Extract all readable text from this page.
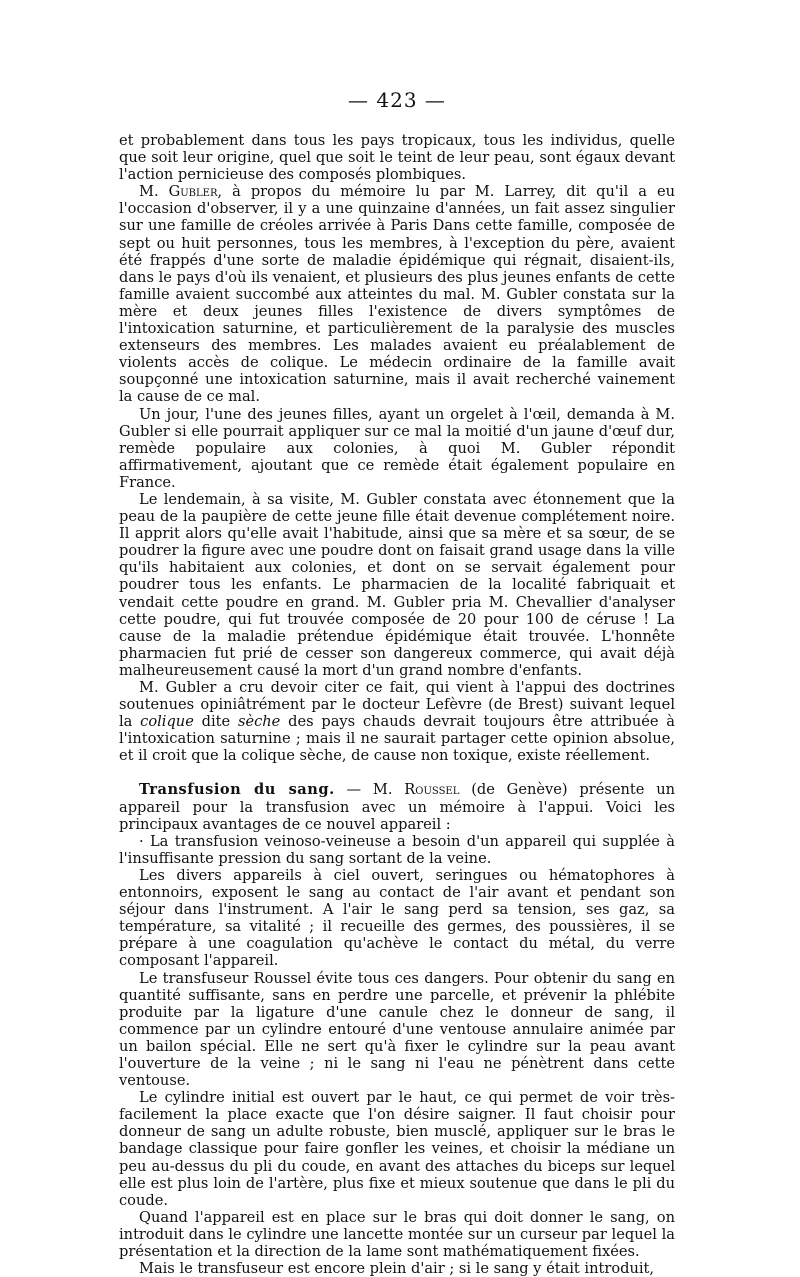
— 423 —

et probablement dans tous les pays tropicaux, tous les individus, quelle que soit leur origine, quel que soit le teint de leur peau, sont égaux devant l'action pernicieuse des composés plombiques.

M. Gubler, à propos du mémoire lu par M. Larrey, dit qu'il a eu l'occasion d'observer, il y a une quinzaine d'années, un fait assez singulier sur une famille de créoles arrivée à Paris Dans cette famille, composée de sept ou huit personnes, tous les membres, à l'exception du père, avaient été frappés d'une sorte de maladie épidémique qui régnait, disaient-ils, dans le pays d'où ils venaient, et plusieurs des plus jeunes enfants de cette famille avaient succombé aux atteintes du mal. M. Gubler constata sur la mère et deux jeunes filles l'existence de divers symptômes de l'intoxication saturnine, et particulièrement de la paralysie des muscles extenseurs des membres. Les malades avaient eu préalablement de violents accès de colique. Le médecin ordinaire de la famille avait soupçonné une intoxication saturnine, mais il avait recherché vainement la cause de ce mal.

Un jour, l'une des jeunes filles, ayant un orgelet à l'œil, demanda à M. Gubler si elle pourrait appliquer sur ce mal la moitié d'un jaune d'œuf dur, remède populaire aux colonies, à quoi M. Gubler répondit affirmativement, ajoutant que ce remède était également populaire en France.

Le lendemain, à sa visite, M. Gubler constata avec étonnement que la peau de la paupière de cette jeune fille était devenue complétement noire. Il apprit alors qu'elle avait l'habitude, ainsi que sa mère et sa sœur, de se poudrer la figure avec une poudre dont on faisait grand usage dans la ville qu'ils habitaient aux colonies, et dont on se servait également pour poudrer tous les enfants. Le pharmacien de la localité fabriquait et vendait cette poudre en grand. M. Gubler pria M. Chevallier d'analyser cette poudre, qui fut trouvée composée de 20 pour 100 de céruse ! La cause de la maladie prétendue épidémique était trouvée. L'honnête pharmacien fut prié de cesser son dangereux commerce, qui avait déjà malheureusement causé la mort d'un grand nombre d'enfants.

M. Gubler a cru devoir citer ce fait, qui vient à l'appui des doctrines soutenues opiniâtrément par le docteur Lefèvre (de Brest) suivant lequel la colique dite sèche des pays chauds devrait toujours être attribuée à l'intoxication saturnine ; mais il ne saurait partager cette opinion absolue, et il croit que la colique sèche, de cause non toxique, existe réellement.

Transfusion du sang. — M. Roussel (de Genève) présente un appareil pour la transfusion avec un mémoire à l'appui. Voici les principaux avantages de ce nouvel appareil :

· La transfusion veinoso-veineuse a besoin d'un appareil qui supplée à l'insuffisante pression du sang sortant de la veine.

Les divers appareils à ciel ouvert, seringues ou hématophores à entonnoirs, exposent le sang au contact de l'air avant et pendant son séjour dans l'instrument. A l'air le sang perd sa tension, ses gaz, sa température, sa vitalité ; il recueille des germes, des poussières, il se prépare à une coagulation qu'achève le contact du métal, du verre composant l'appareil.

Le transfuseur Roussel évite tous ces dangers. Pour obtenir du sang en quantité suffisante, sans en perdre une parcelle, et prévenir la phlébite produite par la ligature d'une canule chez le donneur de sang, il commence par un cylindre entouré d'une ventouse annulaire animée par un bailon spécial. Elle ne sert qu'à fixer le cylindre sur la peau avant l'ouverture de la veine ; ni le sang ni l'eau ne pénètrent dans cette ventouse.

Le cylindre initial est ouvert par le haut, ce qui permet de voir très-facilement la place exacte que l'on désire saigner. Il faut choisir pour donneur de sang un adulte robuste, bien musclé, appliquer sur le bras le bandage classique pour faire gonfler les veines, et choisir la médiane un peu au-dessus du pli du coude, en avant des attaches du biceps sur lequel elle est plus loin de l'artère, plus fixe et mieux soutenue que dans le pli du coude.

Quand l'appareil est en place sur le bras qui doit donner le sang, on introduit dans le cylindre une lancette montée sur un curseur par lequel la présentation et la direction de la lame sont mathématiquement fixées.

Mais le transfuseur est encore plein d'air ; si le sang y était introduit,
